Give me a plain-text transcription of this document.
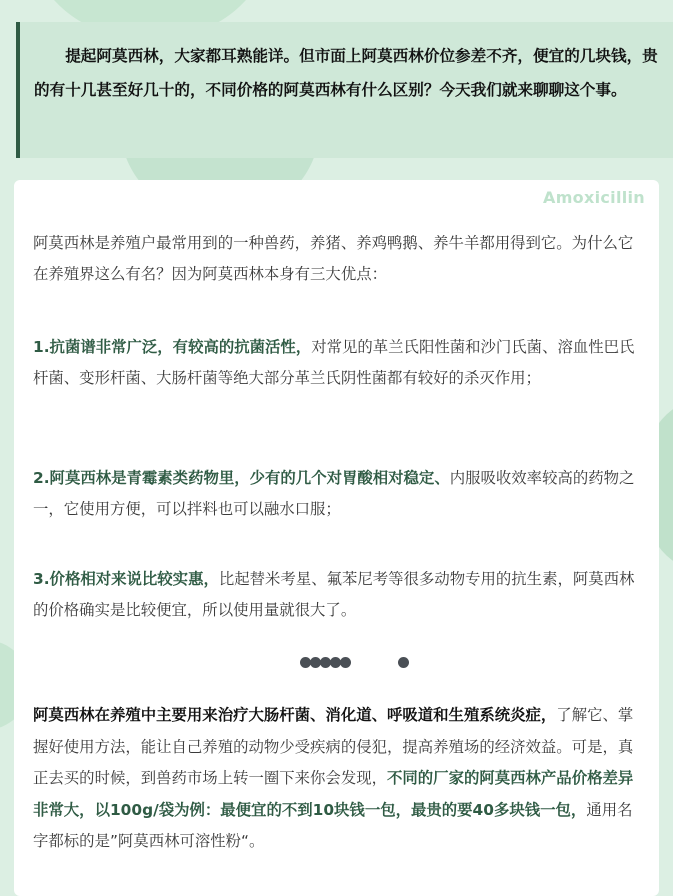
提起阿莫西林，大家都耳熟能详。但市面上阿莫西林价位参差不齐，便宜的几块钱，贵的有十几甚至好几十的，不同价格的阿莫西林有什么区别？今天我们就来聊聊这个事。

Amoxicillin

阿莫西林是养殖户最常用到的一种兽药，养猪、养鸡鸭鹅、养牛羊都用得到它。为什么它在养殖界这么有名？因为阿莫西林本身有三大优点：

1.抗菌谱非常广泛，有较高的抗菌活性，对常见的革兰氏阳性菌和沙门氏菌、溶血性巴氏杆菌、变形杆菌、大肠杆菌等绝大部分革兰氏阴性菌都有较好的杀灭作用；

2.阿莫西林是青霉素类药物里，少有的几个对胃酸相对稳定、内服吸收效率较高的药物之一，它使用方便，可以拌料也可以融水口服；

3.价格相对来说比较实惠，比起替米考星、氟苯尼考等很多动物专用的抗生素，阿莫西林的价格确实是比较便宜，所以使用量就很大了。

阿莫西林在养殖中主要用来治疗大肠杆菌、消化道、呼吸道和生殖系统炎症，了解它、掌握好使用方法，能让自己养殖的动物少受疾病的侵犯，提高养殖场的经济效益。可是，真正去买的时候，到兽药市场上转一圈下来你会发现，不同的厂家的阿莫西林产品价格差异非常大，以100g/袋为例：最便宜的不到10块钱一包，最贵的要40多块钱一包，通用名字都标的是”阿莫西林可溶性粉“。
